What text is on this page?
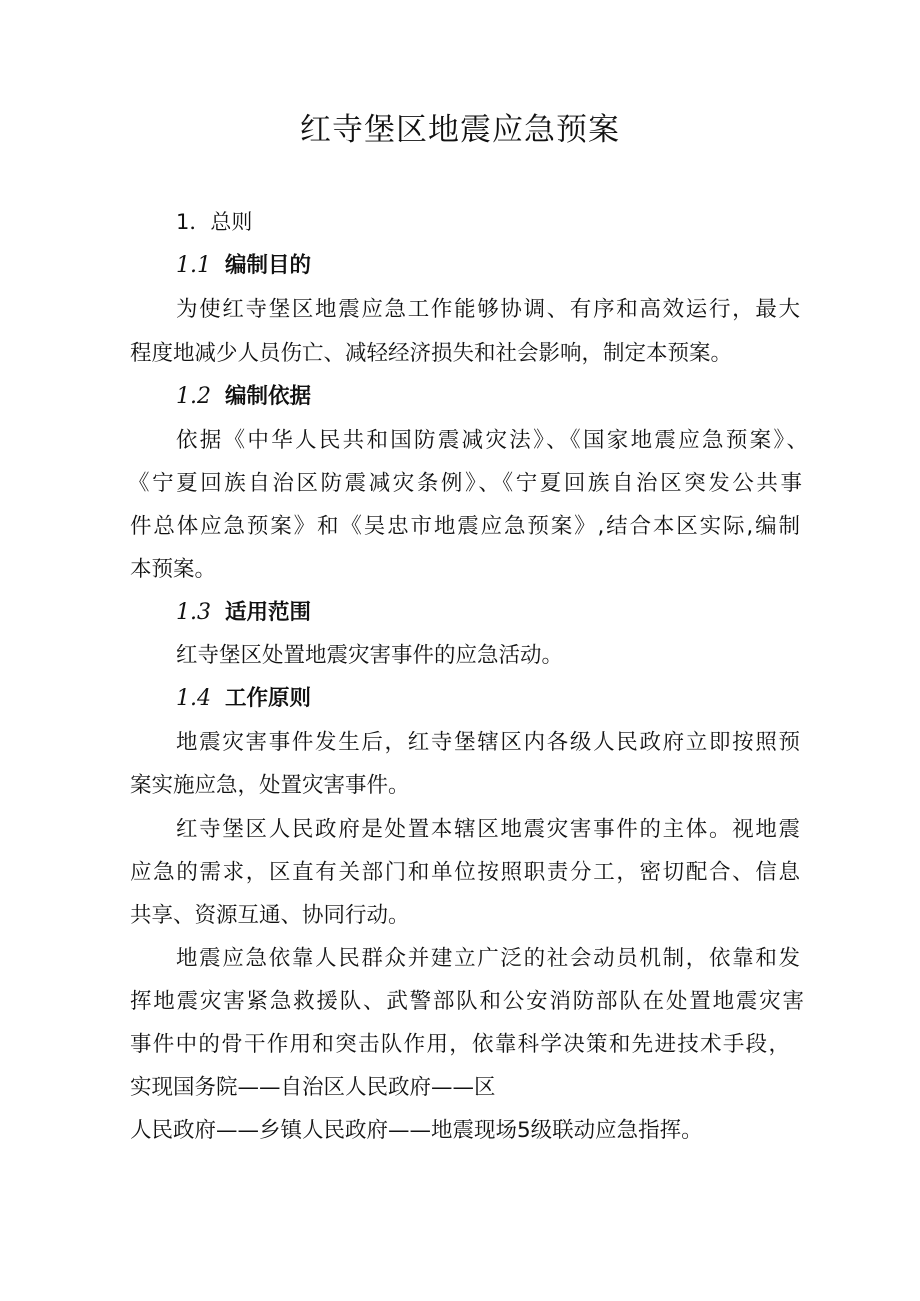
红寺堡区地震应急预案
1．总则
1.1 编制目的
为使红寺堡区地震应急工作能够协调、有序和高效运行，最大
程度地减少人员伤亡、减轻经济损失和社会影响，制定本预案。
1.2 编制依据
依据《中华人民共和国防震减灾法》、《国家地震应急预案》、
《宁夏回族自治区防震减灾条例》、《宁夏回族自治区突发公共事
件总体应急预案》和《吴忠市地震应急预案》,结合本区实际,编制
本预案。
1.3 适用范围
红寺堡区处置地震灾害事件的应急活动。
1.4 工作原则
地震灾害事件发生后，红寺堡辖区内各级人民政府立即按照预
案实施应急，处置灾害事件。
红寺堡区人民政府是处置本辖区地震灾害事件的主体。视地震
应急的需求，区直有关部门和单位按照职责分工，密切配合、信息
共享、资源互通、协同行动。
地震应急依靠人民群众并建立广泛的社会动员机制，依靠和发
挥地震灾害紧急救援队、武警部队和公安消防部队在处置地震灾害
事件中的骨干作用和突击队作用，依靠科学决策和先进技术手段，
实现国务院——自治区人民政府——区
人民政府——乡镇人民政府——地震现场5级联动应急指挥。
